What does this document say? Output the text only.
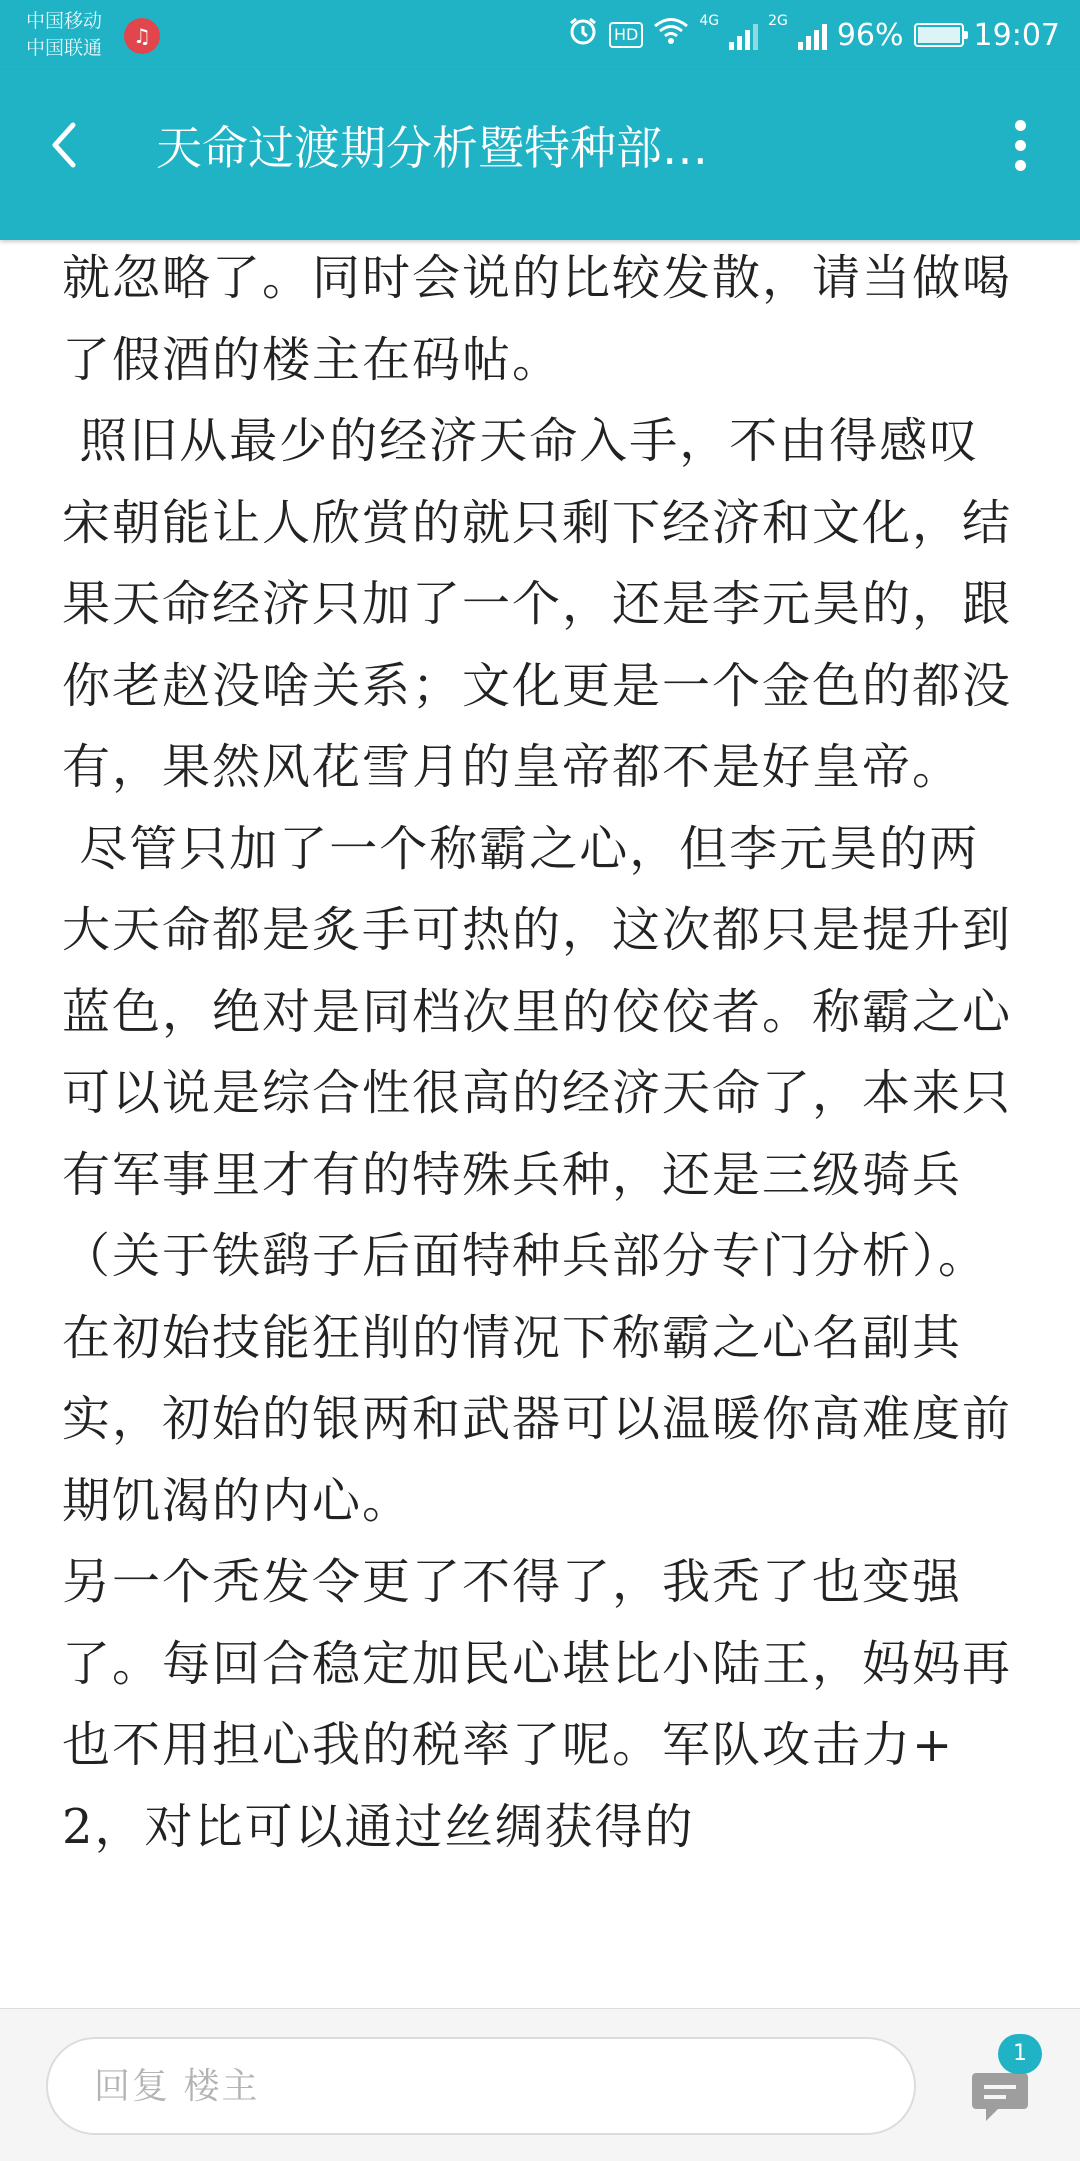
中国移动
中国联通	♫	HD
4G	2G 96% 19:07
天命过渡期分析暨特种部…

就忽略了。同时会说的比较发散，请当做喝了假酒的楼主在码帖。

照旧从最少的经济天命入手，不由得感叹宋朝能让人欣赏的就只剩下经济和文化，结果天命经济只加了一个，还是李元昊的，跟你老赵没啥关系；文化更是一个金色的都没有，果然风花雪月的皇帝都不是好皇帝。

尽管只加了一个称霸之心，但李元昊的两大天命都是炙手可热的，这次都只是提升到蓝色，绝对是同档次里的佼佼者。称霸之心可以说是综合性很高的经济天命了，本来只有军事里才有的特殊兵种，还是三级骑兵（关于铁鹞子后面特种兵部分专门分析）。在初始技能狂削的情况下称霸之心名副其实，初始的银两和武器可以温暖你高难度前期饥渴的内心。

另一个秃发令更了不得了，我秃了也变强了。每回合稳定加民心堪比小陆王，妈妈再也不用担心我的税率了呢。军队攻击力+2，对比可以通过丝绸获得的

回复 楼主
1
